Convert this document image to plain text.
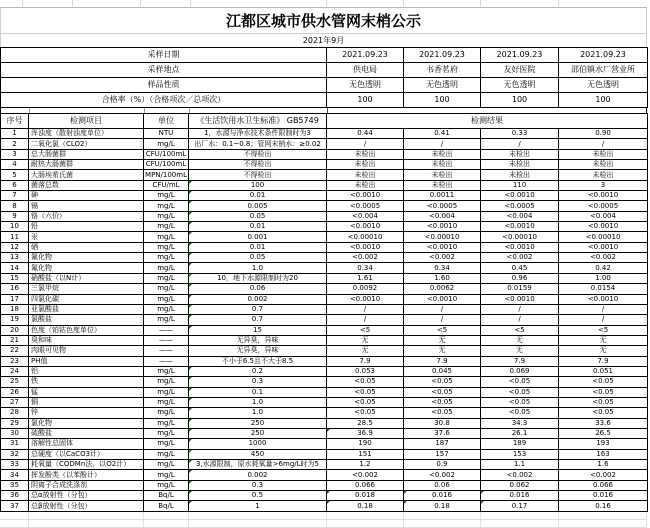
江都区城市供水管网末梢公示
2021年9月
采样日期	2021.09.23	2021.09.23	2021.09.23	2021.09.23
采样地点	供电局	书香茗府	友好医院	邵伯镇水厂营业所
样品性质	无色透明	无色透明	无色透明	无色透明
合格率（%）（合格项次／总项次）	100	100	100	100
序号	检测项目	单位	《生活饮用水卫生标准》 GB5749	检测结果			
1	浑浊度（散射浊度单位）	NTU	1，水源与净水技术条件限制时为3	0.44	0.41	0.33	0.90
2	二氧化氯（CLO2）	mg/L	出厂水：0.1~0.8；管网末梢水：≥0.02	/	/	/	/
3	总大肠菌群	CFU/100mL	不得检出	未检出	未检出	未检出	未检出
4	耐热大肠菌群	CFU/100mL	不得检出	未检出	未检出	未检出	未检出
5	大肠埃希氏菌	MPN/100mL	不得检出	未检出	未检出	未检出	未检出
6	菌落总数	CFU/mL	100	未检出	未检出	110	3
7	砷	mg/L	0.01	<0.0010	0.0011	<0.0010	<0.0010
8	镉	mg/L	0.005	<0.0005	<0.0005	<0.0005	<0.0005
9	铬（六价）	mg/L	0.05	<0.004	<0.004	<0.004	<0.004
10	铅	mg/L	0.01	<0.0010	<0.0010	<0.0010	<0.0010
11	汞	mg/L	0.001	<0.00010	<0.00010	<0.00010	<0.00010
12	硒	mg/L	0.01	<0.0010	<0.0010	<0.0010	<0.0010
13	氰化物	mg/L	0.05	<0.002	<0.002	<0.002	<0.002
14	氟化物	mg/L	1.0	0.34	0.34	0.45	0.42
15	硝酸盐（以N计）	mg/L	10，地下水源限制时为20	1.61	1.60	0.96	1.00
16	三氯甲烷	mg/L	0.06	0.0092	0.0062	0.0159	0.0154
17	四氯化碳	mg/L	0.002	<0.0010	<0.0010	<0.0010	<0.0010
18	亚氯酸盐	mg/L	0.7	/	/	/	/
19	氯酸盐	mg/L	0.7	/	/	/	/
20	色度（铂钴色度单位）	——	15	<5	<5	<5	<5
21	臭和味	——	无异臭，异味	无	无	无	无
22	肉眼可见物	——	无异臭，异味	无	无	无	无
23	PH值	——	不小于6.5且不大于8.5	7.9	7.9	7.9	7.9
24	铝	mg/L	0.2	0.053	0.045	0.069	0.051
25	铁	mg/L	0.3	<0.05	<0.05	<0.05	<0.05
26	锰	mg/L	0.1	<0.05	<0.05	<0.05	<0.05
27	铜	mg/L	1.0	<0.05	<0.05	<0.05	<0.05
28	锌	mg/L	1.0	<0.05	<0.05	<0.05	<0.05
29	氯化物	mg/L	250	28.5	30.8	34.3	33.6
30	硫酸盐	mg/L	250	36.9	37.6	26.1	26.5
31	溶解性总固体	mg/L	1000	190	187	189	193
32	总硬度（以CaCO3计）	mg/L	450	151	157	153	163
33	耗氧量（CODMn法，以O2计）	mg/L	3,水源限制，原水耗氧量>6mg/L时为5	1.2	0.9	1.1	1.6
34	挥发酚类（以苯酚计）	mg/L	0.002	<0.002	<0.002	<0.002	<0.002
35	阴离子合成洗涤剂	mg/L	0.3	0.066	0.06	0.062	0.066
36	总α放射性（分包）	Bq/L	0.5	0.018	0.016	0.016	0.016
37	总β放射性（分包）	Bq/L	1	0.18	0.18	0.17	0.16
